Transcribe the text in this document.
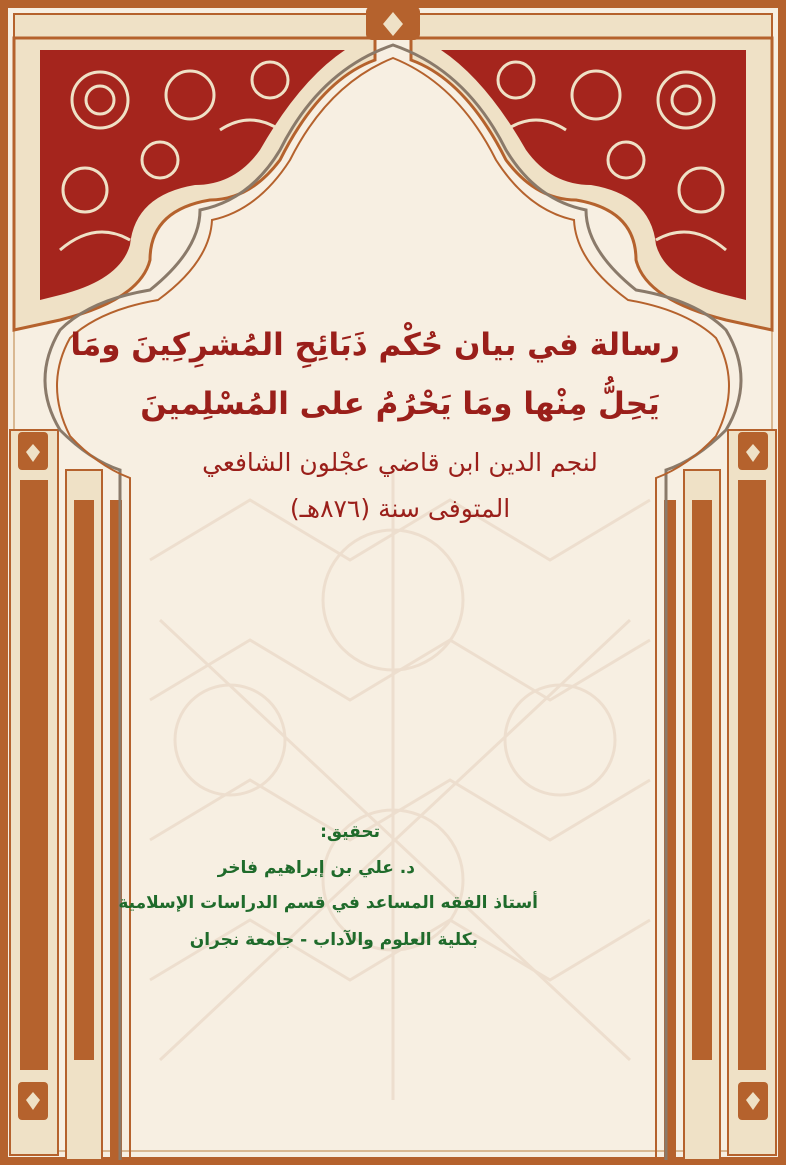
رسالة في بيان حُكْم ذَبَائِحِ المُشرِكِينَ ومَا
يَحِلُّ مِنْها ومَا يَحْرُمُ على المُسْلِمينَ
لنجم الدين ابن قاضي عجْلون الشافعي
المتوفى سنة (٨٧٦هـ)
تحقيق:
د. علي بن إبراهيم فاخر
أستاذ الفقه المساعد في قسم الدراسات الإسلامية
بكلية العلوم والآداب - جامعة نجران
